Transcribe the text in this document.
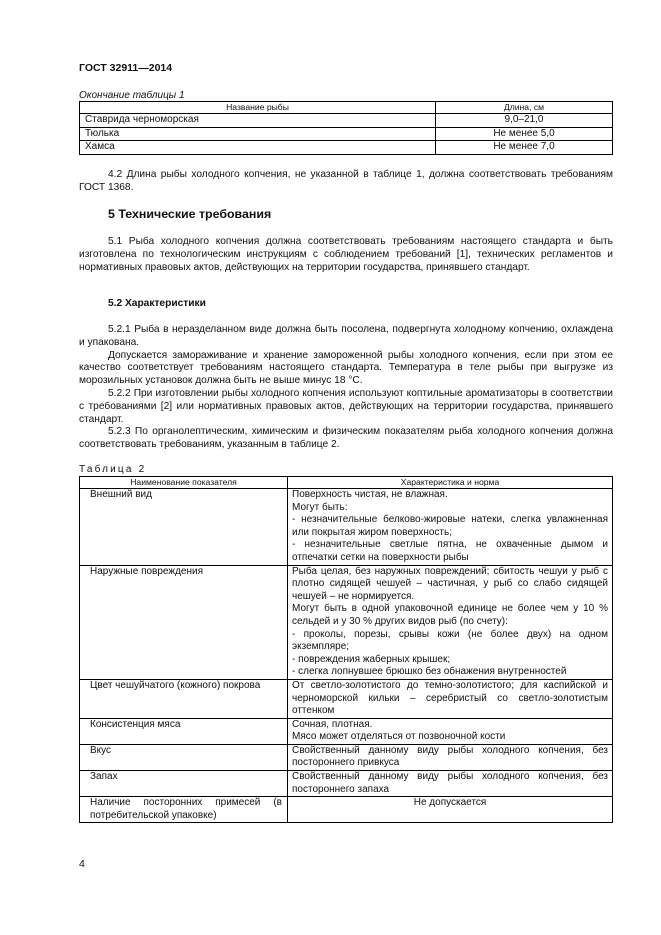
ГОСТ 32911—2014
Окончание таблицы 1
Название рыбы	Длина, см
Ставрида черноморская	9,0–21,0
Тюлька	Не менее 5,0
Хамса	Не менее 7,0

4.2 Длина рыбы холодного копчения, не указанной в таблице 1, должна соответствовать требованиям ГОСТ 1368.

5 Технические требования

5.1 Рыба холодного копчения должна соответствовать требованиям настоящего стандарта и быть изготовлена по технологическим инструкциям с соблюдением требований [1], технических регламентов и нормативных правовых актов, действующих на территории государства, принявшего стандарт.

5.2 Характеристики

5.2.1 Рыба в неразделанном виде должна быть посолена, подвергнута холодному копчению, охлаждена и упакована.

Допускается замораживание и хранение замороженной рыбы холодного копчения, если при этом ее качество соответствует требованиям настоящего стандарта. Температура в теле рыбы при выгрузке из морозильных установок должна быть не выше минус 18 °С.

5.2.2 При изготовлении рыбы холодного копчения используют коптильные ароматизаторы в соответствии с требованиями [2] или нормативных правовых актов, действующих на территории государства, принявшего стандарт.

5.2.3 По органолептическим, химическим и физическим показателям рыба холодного копчения должна соответствовать требованиям, указанным в таблице 2.

Таблица 2
Наименование показателя	Характеристика и норма
Внешний вид	Поверхность чистая, не влажная.
Могут быть:
- незначительные белково-жировые натеки, слегка увлажненная или покрытая жиром поверхность;
- незначительные светлые пятна, не охваченные дымом и отпечатки сетки на поверхности рыбы

Наружные повреждения	Рыба целая, без наружных повреждений; сбитость чешуи у рыб с плотно сидящей чешуей – частичная, у рыб со слабо сидящей чешуей – не нормируется.
Могут быть в одной упаковочной единице не более чем у 10 % сельдей и у 30 % других видов рыб (по счету):
- проколы, порезы, срывы кожи (не более двух) на одном экземпляре;
- повреждения жаберных крышек;
- слегка лопнувшее брюшко без обнажения внутренностей

Цвет чешуйчатого (кожного) покрова	От светло-золотистого до темно-золотистого; для каспийской и черноморской кильки – серебристый со светло-золотистым оттенком

Консистенция мяса	Сочная, плотная.
Мясо может отделяться от позвоночной кости

Вкус	Свойственный данному виду рыбы холодного копчения, без постороннего привкуса

Запах	Свойственный данному виду рыбы холодного копчения, без постороннего запаха

Наличие посторонних примесей (в потребительской упаковке)	Не допускается
4
